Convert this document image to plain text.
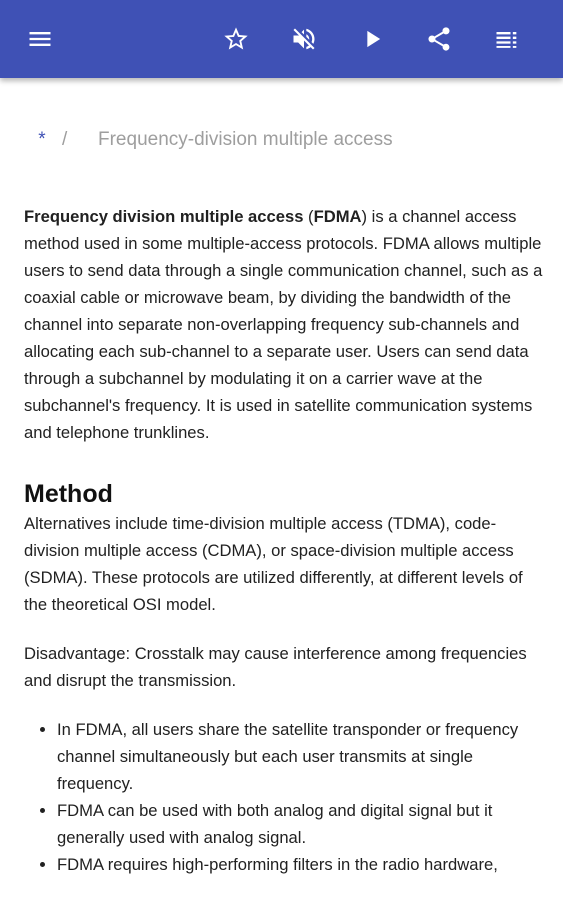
* /	Frequency-division multiple access

Frequency division multiple access (FDMA) is a channel access method used in some multiple-access protocols. FDMA allows multiple users to send data through a single communication channel, such as a coaxial cable or microwave beam, by dividing the bandwidth of the channel into separate non-overlapping frequency sub-channels and allocating each sub-channel to a separate user. Users can send data through a subchannel by modulating it on a carrier wave at the subchannel's frequency. It is used in satellite communication systems and telephone trunklines.

Method

Alternatives include time-division multiple access (TDMA), code-division multiple access (CDMA), or space-division multiple access (SDMA). These protocols are utilized differently, at different levels of the theoretical OSI model.

Disadvantage: Crosstalk may cause interference among frequencies and disrupt the transmission.

• In FDMA, all users share the satellite transponder or frequency channel simultaneously but each user transmits at single frequency.
• FDMA can be used with both analog and digital signal but it generally used with analog signal.
• FDMA requires high-performing filters in the radio hardware,
